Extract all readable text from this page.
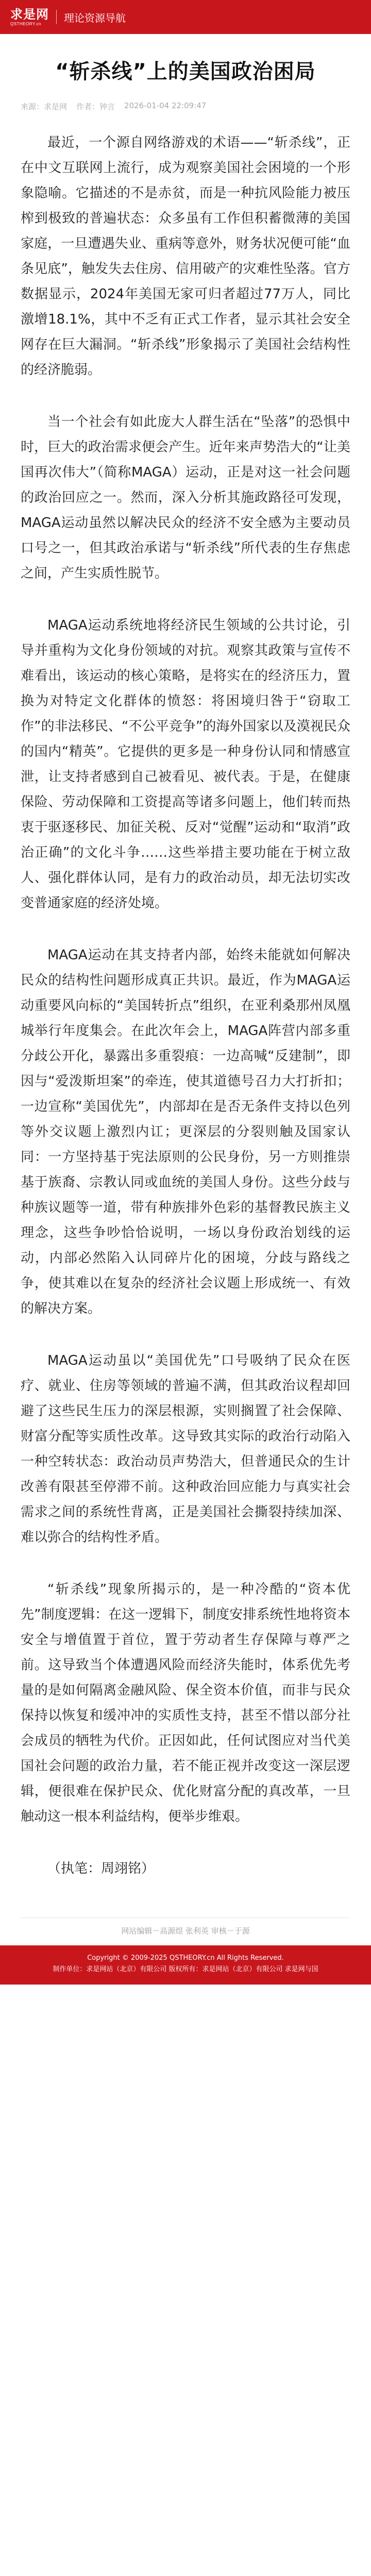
求是网
QSTHEORY.cn	理论资源导航
“斩杀线”上的美国政治困局
来源：求是网 作者：钟言 2026-01-04 22:09:47

最近，一个源自网络游戏的术语——“斩杀线”，正在中文互联网上流行，成为观察美国社会困境的一个形象隐喻。它描述的不是赤贫，而是一种抗风险能力被压榨到极致的普遍状态：众多虽有工作但积蓄微薄的美国家庭，一旦遭遇失业、重病等意外，财务状况便可能“血条见底”，触发失去住房、信用破产的灾难性坠落。官方数据显示，2024年美国无家可归者超过77万人，同比激增18.1%，其中不乏有正式工作者，显示其社会安全网存在巨大漏洞。“斩杀线”形象揭示了美国社会结构性的经济脆弱。

当一个社会有如此庞大人群生活在“坠落”的恐惧中时，巨大的政治需求便会产生。近年来声势浩大的“让美国再次伟大”（简称MAGA）运动，正是对这一社会问题的政治回应之一。然而，深入分析其施政路径可发现，MAGA运动虽然以解决民众的经济不安全感为主要动员口号之一，但其政治承诺与“斩杀线”所代表的生存焦虑之间，产生实质性脱节。

MAGA运动系统地将经济民生领域的公共讨论，引导并重构为文化身份领域的对抗。观察其政策与宣传不难看出，该运动的核心策略，是将实在的经济压力，置换为对特定文化群体的愤怒：将困境归咎于“窃取工作”的非法移民、“不公平竞争”的海外国家以及漠视民众的国内“精英”。它提供的更多是一种身份认同和情感宣泄，让支持者感到自己被看见、被代表。于是，在健康保险、劳动保障和工资提高等诸多问题上，他们转而热衷于驱逐移民、加征关税、反对“觉醒”运动和“取消”政治正确”的文化斗争……这些举措主要功能在于树立敌人、强化群体认同，是有力的政治动员，却无法切实改变普通家庭的经济处境。

MAGA运动在其支持者内部，始终未能就如何解决民众的结构性问题形成真正共识。最近，作为MAGA运动重要风向标的“美国转折点”组织，在亚利桑那州凤凰城举行年度集会。在此次年会上，MAGA阵营内部多重分歧公开化，暴露出多重裂痕：一边高喊“反建制”，即因与“爱泼斯坦案”的牵连，使其道德号召力大打折扣；一边宣称“美国优先”，内部却在是否无条件支持以色列等外交议题上激烈内讧；更深层的分裂则触及国家认同：一方坚持基于宪法原则的公民身份，另一方则推崇基于族裔、宗教认同或血统的美国人身份。这些分歧与种族议题等一道，带有种族排外色彩的基督教民族主义理念，这些争吵恰恰说明，一场以身份政治划线的运动，内部必然陷入认同碎片化的困境，分歧与路线之争，使其难以在复杂的经济社会议题上形成统一、有效的解决方案。

MAGA运动虽以“美国优先”口号吸纳了民众在医疗、就业、住房等领域的普遍不满，但其政治议程却回避了这些民生压力的深层根源，实则搁置了社会保障、财富分配等实质性改革。这导致其实际的政治行动陷入一种空转状态：政治动员声势浩大，但普通民众的生计改善有限甚至停滞不前。这种政治回应能力与真实社会需求之间的系统性背离，正是美国社会撕裂持续加深、难以弥合的结构性矛盾。

“斩杀线”现象所揭示的，是一种冷酷的“资本优先”制度逻辑：在这一逻辑下，制度安排系统性地将资本安全与增值置于首位，置于劳动者生存保障与尊严之前。这导致当个体遭遇风险而经济失能时，体系优先考量的是如何隔离金融风险、保全资本价值，而非与民众保持以恢复和缓冲冲的实质性支持，甚至不惜以部分社会成员的牺牲为代价。正因如此，任何试图应对当代美国社会问题的政治力量，若不能正视并改变这一深层逻辑，便很难在保护民众、优化财富分配的真改革，一旦触动这一根本利益结构，便举步维艰。

（执笔：周翊铭）

网站编辑－高源煜 张利英 审核－于源
Copyright © 2009-2025 QSTHEORY.cn All Rights Reserved.
制作单位：求是网站（北京）有限公司 版权所有：求是网站（北京）有限公司 求是网与国
